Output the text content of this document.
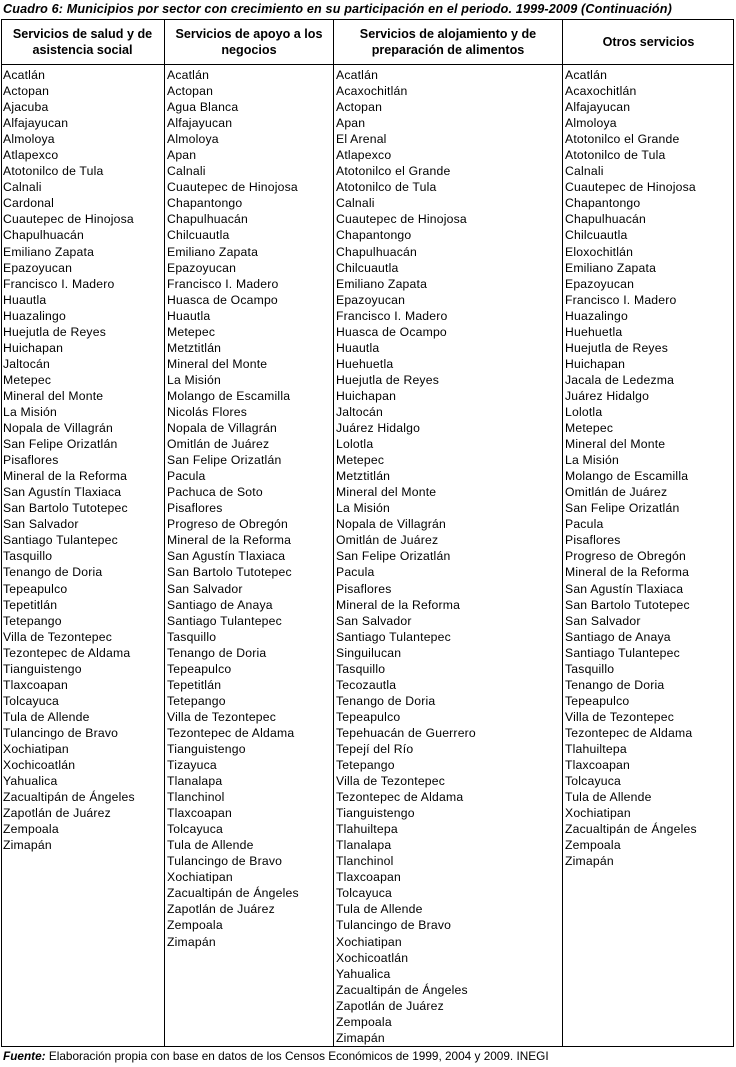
Cuadro 6: Municipios por sector con crecimiento en su participación en el periodo. 1999-2009 (Continuación)
Servicios de salud y de asistencia social
Acatlán
Actopan
Ajacuba
Alfajayucan
Almoloya
Atlapexco
Atotonilco de Tula
Calnali
Cardonal
Cuautepec de Hinojosa
Chapulhuacán
Emiliano Zapata
Epazoyucan
Francisco I. Madero
Huautla
Huazalingo
Huejutla de Reyes
Huichapan
Jaltocán
Metepec
Mineral del Monte
La Misión
Nopala de Villagrán
San Felipe Orizatlán
Pisaflores
Mineral de la Reforma
San Agustín Tlaxiaca
San Bartolo Tutotepec
San Salvador
Santiago Tulantepec
Tasquillo
Tenango de Doria
Tepeapulco
Tepetitlán
Tetepango
Villa de Tezontepec
Tezontepec de Aldama
Tianguistengo
Tlaxcoapan
Tolcayuca
Tula de Allende
Tulancingo de Bravo
Xochiatipan
Xochicoatlán
Yahualica
Zacualtipán de Ángeles
Zapotlán de Juárez
Zempoala
Zimapán
Servicios de apoyo a los negocios
Acatlán
Actopan
Agua Blanca
Alfajayucan
Almoloya
Apan
Calnali
Cuautepec de Hinojosa
Chapantongo
Chapulhuacán
Chilcuautla
Emiliano Zapata
Epazoyucan
Francisco I. Madero
Huasca de Ocampo
Huautla
Metepec
Metztitlán
Mineral del Monte
La Misión
Molango de Escamilla
Nicolás Flores
Nopala de Villagrán
Omitlán de Juárez
San Felipe Orizatlán
Pacula
Pachuca de Soto
Pisaflores
Progreso de Obregón
Mineral de la Reforma
San Agustín Tlaxiaca
San Bartolo Tutotepec
San Salvador
Santiago de Anaya
Santiago Tulantepec
Tasquillo
Tenango de Doria
Tepeapulco
Tepetitlán
Tetepango
Villa de Tezontepec
Tezontepec de Aldama
Tianguistengo
Tizayuca
Tlanalapa
Tlanchinol
Tlaxcoapan
Tolcayuca
Tula de Allende
Tulancingo de Bravo
Xochiatipan
Zacualtipán de Ángeles
Zapotlán de Juárez
Zempoala
Zimapán
Servicios de alojamiento y de preparación de alimentos
Acatlán
Acaxochitlán
Actopan
Apan
El Arenal
Atlapexco
Atotonilco el Grande
Atotonilco de Tula
Calnali
Cuautepec de Hinojosa
Chapantongo
Chapulhuacán
Chilcuautla
Emiliano Zapata
Epazoyucan
Francisco I. Madero
Huasca de Ocampo
Huautla
Huehuetla
Huejutla de Reyes
Huichapan
Jaltocán
Juárez Hidalgo
Lolotla
Metepec
Metztitlán
Mineral del Monte
La Misión
Nopala de Villagrán
Omitlán de Juárez
San Felipe Orizatlán
Pacula
Pisaflores
Mineral de la Reforma
San Salvador
Santiago Tulantepec
Singuilucan
Tasquillo
Tecozautla
Tenango de Doria
Tepeapulco
Tepehuacán de Guerrero
Tepejí del Río
Tetepango
Villa de Tezontepec
Tezontepec de Aldama
Tianguistengo
Tlahuiltepa
Tlanalapa
Tlanchinol
Tlaxcoapan
Tolcayuca
Tula de Allende
Tulancingo de Bravo
Xochiatipan
Xochicoatlán
Yahualica
Zacualtipán de Ángeles
Zapotlán de Juárez
Zempoala
Zimapán
Otros servicios
Acatlán
Acaxochitlán
Alfajayucan
Almoloya
Atotonilco el Grande
Atotonilco de Tula
Calnali
Cuautepec de Hinojosa
Chapantongo
Chapulhuacán
Chilcuautla
Eloxochitlán
Emiliano Zapata
Epazoyucan
Francisco I. Madero
Huazalingo
Huehuetla
Huejutla de Reyes
Huichapan
Jacala de Ledezma
Juárez Hidalgo
Lolotla
Metepec
Mineral del Monte
La Misión
Molango de Escamilla
Omitlán de Juárez
San Felipe Orizatlán
Pacula
Pisaflores
Progreso de Obregón
Mineral de la Reforma
San Agustín Tlaxiaca
San Bartolo Tutotepec
San Salvador
Santiago de Anaya
Santiago Tulantepec
Tasquillo
Tenango de Doria
Tepeapulco
Villa de Tezontepec
Tezontepec de Aldama
Tlahuiltepa
Tlaxcoapan
Tolcayuca
Tula de Allende
Xochiatipan
Zacualtipán de Ángeles
Zempoala
Zimapán
Fuente: Elaboración propia con base en datos de los Censos Económicos de 1999, 2004 y 2009. INEGI
